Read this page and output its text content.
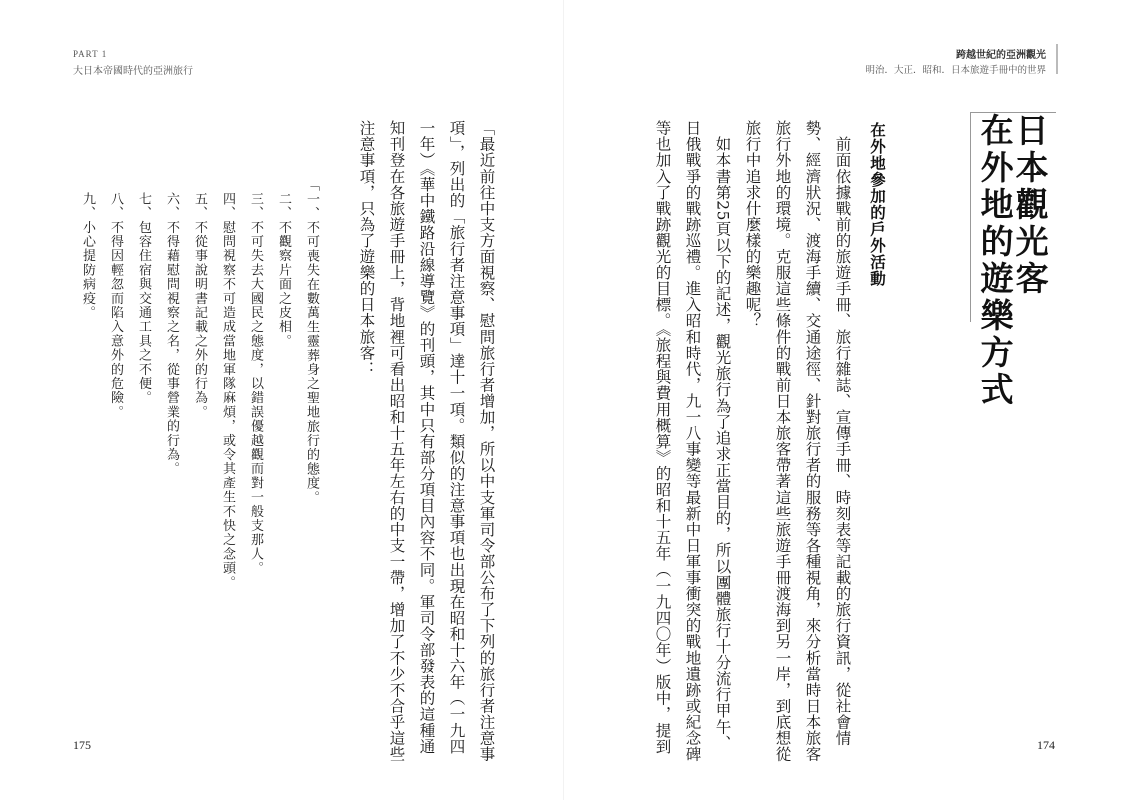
PART 1
大日本帝國時代的亞洲旅行
「最近前往中支方面視察、慰問旅行者增加，所以中支軍司令部公布了下列的旅行者注意事
項」，列出的「旅行者注意事項」達十一項。類似的注意事項也出現在昭和十六年（一九四
一年）《華中鐵路沿線導覽》的刊頭，其中只有部分項目內容不同。軍司令部發表的這種通
知刊登在各旅遊手冊上，背地裡可看出昭和十五年左右的中支一帶，增加了不少不合乎這些
注意事項，只為了遊樂的日本旅客：
「一、不可喪失在數萬生靈葬身之聖地旅行的態度。
二、不觀察片面之皮相。
三、不可失去大國民之態度，以錯誤優越觀而對一般支那人。
四、慰問視察不可造成當地軍隊麻煩，或令其產生不快之念頭。
五、不從事說明書記載之外的行為。
六、不得藉慰問視察之名，從事營業的行為。
七、包容住宿與交通工具之不便。
八、不得因輕忽而陷入意外的危險。
九、小心提防病疫。
175
跨越世紀的亞洲觀光
明治．大正．昭和．日本旅遊手冊中的世界
174
日本觀光客
在外地的遊樂方式
在外地參加的戶外活動
　前面依據戰前的旅遊手冊、旅行雜誌、宣傳手冊、時刻表等記載的旅行資訊，從社會情
勢、經濟狀況、渡海手續、交通途徑、針對旅行者的服務等各種視角，來分析當時日本旅客
旅行外地的環境。克服這些條件的戰前日本旅客帶著這些旅遊手冊渡海到另一岸，到底想從
旅行中追求什麼樣的樂趣呢？
　如本書第25頁以下的記述，觀光旅行為了追求正當目的，所以團體旅行十分流行甲午、
日俄戰爭的戰跡巡禮。進入昭和時代，九一八事變等最新中日軍事衝突的戰地遺跡或紀念碑
等也加入了戰跡觀光的目標。《旅程與費用概算》的昭和十五年（一九四〇年）版中，提到
